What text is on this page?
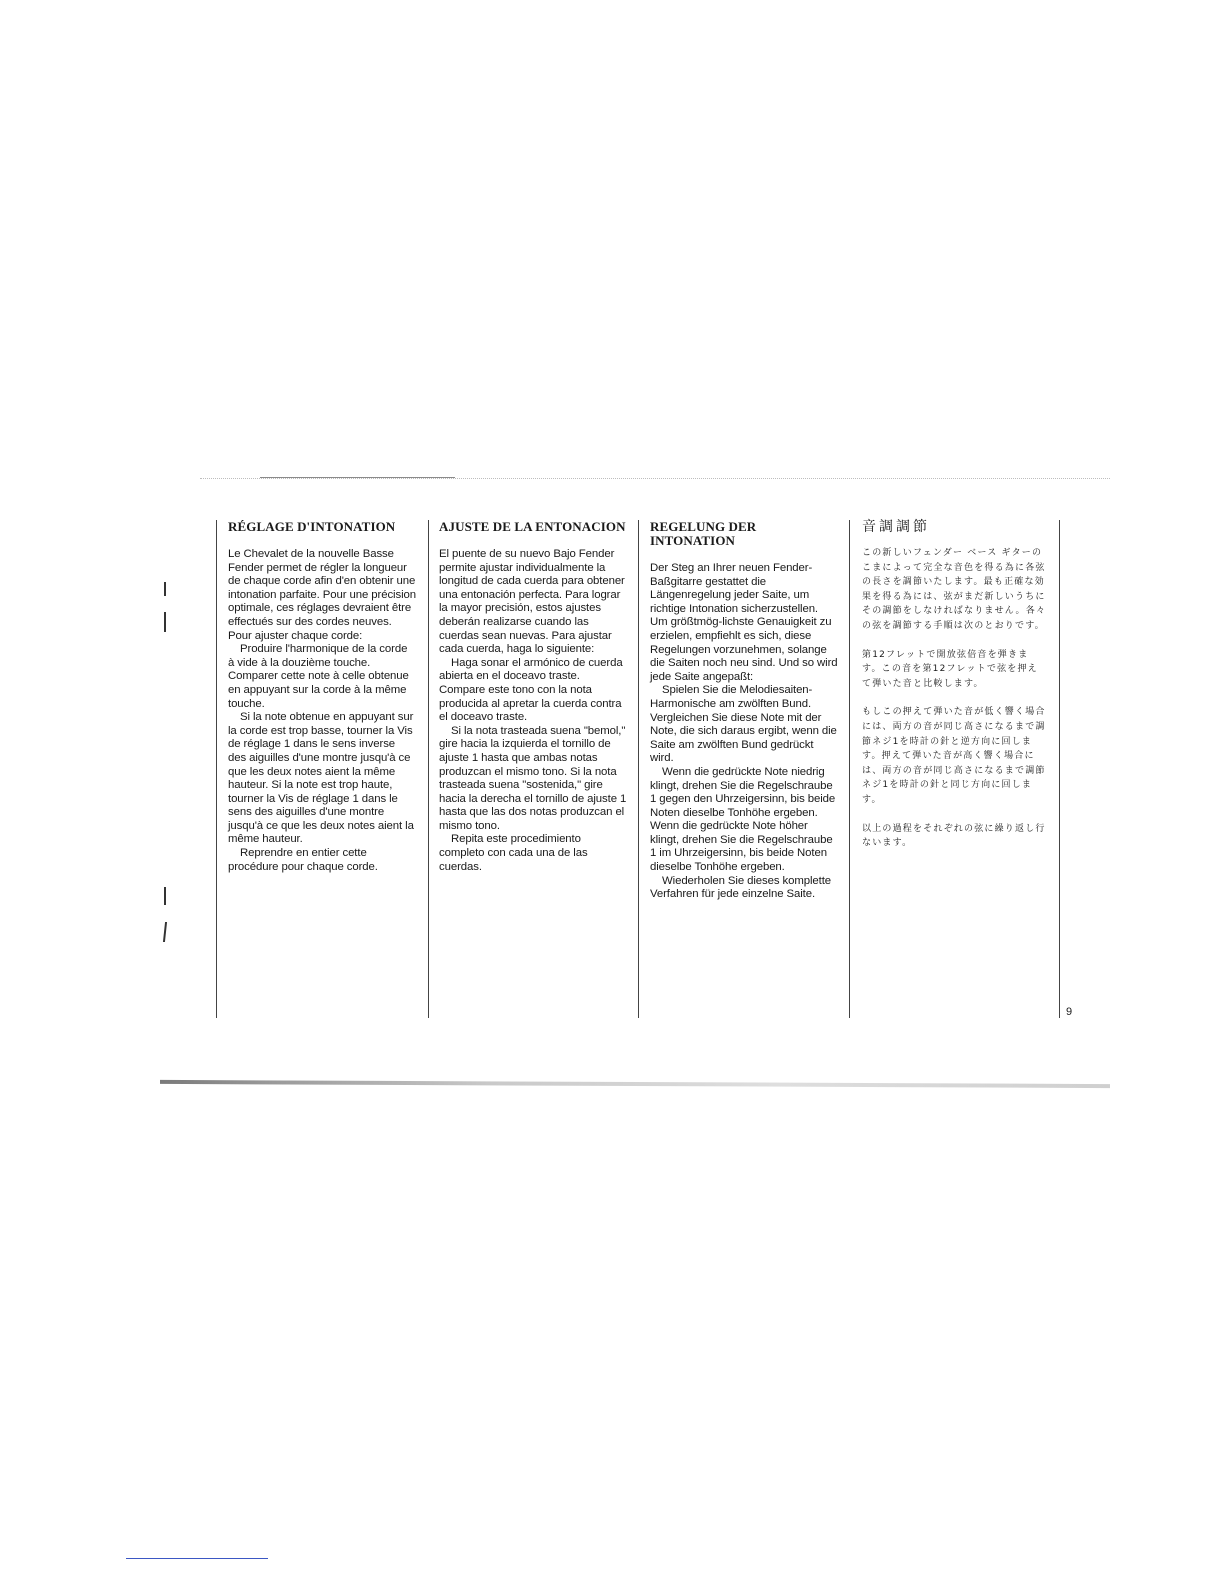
RÉGLAGE D'INTONATION

Le Chevalet de la nouvelle Basse Fender permet de régler la longueur de chaque corde afin d'en obtenir une intonation parfaite. Pour une précision optimale, ces réglages devraient être effectués sur des cordes neuves. Pour ajuster chaque corde:

Produire l'harmonique de la corde à vide à la douzième touche. Comparer cette note à celle obtenue en appuyant sur la corde à la même touche.

Si la note obtenue en appuyant sur la corde est trop basse, tourner la Vis de réglage 1 dans le sens inverse des aiguilles d'une montre jusqu'à ce que les deux notes aient la même hauteur. Si la note est trop haute, tourner la Vis de réglage 1 dans le sens des aiguilles d'une montre jusqu'à ce que les deux notes aient la même hauteur.

Reprendre en entier cette procédure pour chaque corde.

AJUSTE DE LA ENTONACION

El puente de su nuevo Bajo Fender permite ajustar individualmente la longitud de cada cuerda para obtener una entonación perfecta. Para lograr la mayor precisión, estos ajustes deberán realizarse cuando las cuerdas sean nuevas. Para ajustar cada cuerda, haga lo siguiente:

Haga sonar el armónico de cuerda abierta en el doceavo traste. Compare este tono con la nota producida al apretar la cuerda contra el doceavo traste.

Si la nota trasteada suena "bemol," gire hacia la izquierda el tornillo de ajuste 1 hasta que ambas notas produzcan el mismo tono. Si la nota trasteada suena "sostenida," gire hacia la derecha el tornillo de ajuste 1 hasta que las dos notas produzcan el mismo tono.

Repita este procedimiento completo con cada una de las cuerdas.

REGELUNG DER INTONATION

Der Steg an Ihrer neuen Fender-Baßgitarre gestattet die Längenregelung jeder Saite, um richtige Intonation sicherzustellen. Um größtmög-lichste Genauigkeit zu erzielen, empfiehlt es sich, diese Regelungen vorzunehmen, solange die Saiten noch neu sind. Und so wird jede Saite angepaßt:

Spielen Sie die Melodiesaiten-Harmonische am zwölften Bund. Vergleichen Sie diese Note mit der Note, die sich daraus ergibt, wenn die Saite am zwölften Bund gedrückt wird.

Wenn die gedrückte Note niedrig klingt, drehen Sie die Regelschraube 1 gegen den Uhrzeigersinn, bis beide Noten dieselbe Tonhöhe ergeben. Wenn die gedrückte Note höher klingt, drehen Sie die Regelschraube 1 im Uhrzeigersinn, bis beide Noten dieselbe Tonhöhe ergeben.

Wiederholen Sie dieses komplette Verfahren für jede einzelne Saite.

音調調節

この新しいフェンダー ベース ギターのこまによって完全な音色を得る為に各弦の長さを調節いたします。最も正確な効果を得る為には、弦がまだ新しいうちにその調節をしなければなりません。各々の弦を調節する手順は次のとおりです。

第12フレットで開放弦倍音を弾きます。この音を第12フレットで弦を押えて弾いた音と比較します。

もしこの押えて弾いた音が低く響く場合には、両方の音が同じ高さになるまで調節ネジ1を時計の針と逆方向に回します。押えて弾いた音が高く響く場合には、両方の音が同じ高さになるまで調節ネジ1を時計の針と同じ方向に回します。

以上の過程をそれぞれの弦に繰り返し行ないます。

9
